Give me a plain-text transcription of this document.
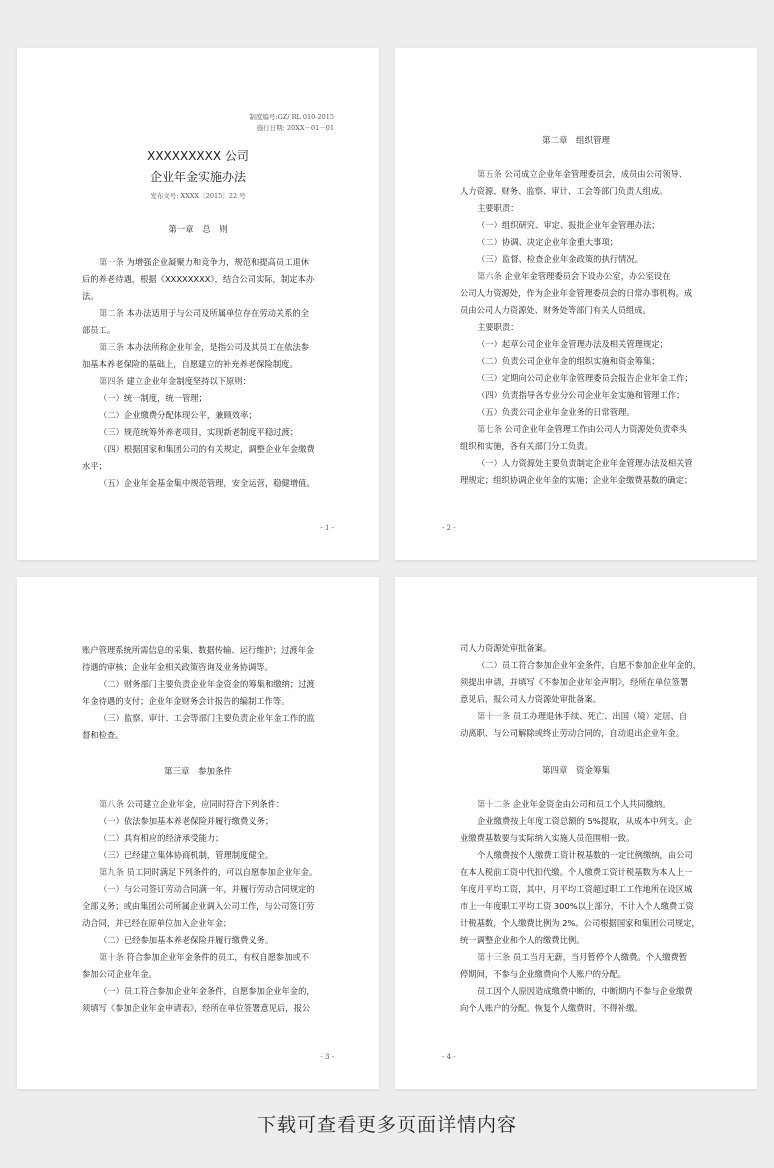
制度编号:GZ/ RL 010-2015
施行日期: 20XX－01－01
XXXXXXXXX 公司
企业年金实施办法
发布文号: XXXX〔2015〕22 号
第一章　总　则

第一条 为增强企业凝聚力和竞争力，规范和提高员工退休

后的养老待遇，根据《XXXXXXXX》，结合公司实际，制定本办

法。

第二条 本办法适用于与公司及所属单位存在劳动关系的全

部员工。

第三条 本办法所称企业年金，是指公司及其员工在依法参

加基本养老保险的基础上，自愿建立的补充养老保险制度。

第四条 建立企业年金制度坚持以下原则：

（一）统一制度，统一管理；

（二）企业缴费分配体现公平，兼顾效率；

（三）规范统筹外养老项目，实现新老制度平稳过渡；

（四）根据国家和集团公司的有关规定，调整企业年金缴费

水平；

（五）企业年金基金集中规范管理，安全运营，稳健增值。

- 1 -
第二章　组织管理

第五条 公司成立企业年金管理委员会，成员由公司领导、

人力资源、财务、监察、审计、工会等部门负责人组成。

主要职责：

（一）组织研究、审定、报批企业年金管理办法；

（二）协调、决定企业年金重大事项；

（三）监督、检查企业年金政策的执行情况。

第六条 企业年金管理委员会下设办公室，办公室设在

公司人力资源处，作为企业年金管理委员会的日常办事机构。成

员由公司人力资源处、财务处等部门有关人员组成。

主要职责：

（一）起草公司企业年金管理办法及相关管理规定；

（二）负责公司企业年金的组织实施和资金筹集；

（三）定期向公司企业年金管理委员会报告企业年金工作；

（四）负责指导各专业分公司企业年金实施和管理工作；

（五）负责公司企业年金业务的日常管理。

第七条 公司企业年金管理工作由公司人力资源处负责牵头

组织和实施，各有关部门分工负责。

（一）人力资源处主要负责制定企业年金管理办法及相关管

理规定；组织协调企业年金的实施；企业年金缴费基数的确定；

- 2 -

账户管理系统所需信息的采集、数据传输、运行维护；过渡年金

待遇的审核；企业年金相关政策咨询及业务协调等。

（二）财务部门主要负责企业年金资金的筹集和缴纳；过渡

年金待遇的支付；企业年金财务会计报告的编制工作等。

（三）监察、审计、工会等部门主要负责企业年金工作的监

督和检查。

第三章　参加条件

第八条 公司建立企业年金，应同时符合下列条件：

（一）依法参加基本养老保险并履行缴费义务；

（二）具有相应的经济承受能力；

（三）已经建立集体协商机制，管理制度健全。

第九条 员工同时满足下列条件的，可以自愿参加企业年金。

（一）与公司签订劳动合同满一年，并履行劳动合同规定的

全部义务；或由集团公司所属企业调入公司工作，与公司签订劳

动合同，并已经在原单位加入企业年金；

（二）已经参加基本养老保险并履行缴费义务。

第十条 符合参加企业年金条件的员工，有权自愿参加或不

参加公司企业年金。

（一）员工符合参加企业年金条件，自愿参加企业年金的，

须填写《参加企业年金申请表》，经所在单位签署意见后，报公

- 3 -

司人力资源处审批备案。

（二）员工符合参加企业年金条件，自愿不参加企业年金的，

须提出申请，并填写《不参加企业年金声明》，经所在单位签署

意见后，报公司人力资源处审批备案。

第十一条 员工办理退休手续、死亡、出国（境）定居、自

动离职、与公司解除或终止劳动合同的，自动退出企业年金。

第四章　资金筹集

第十二条 企业年金资金由公司和员工个人共同缴纳。

企业缴费按上年度工资总额的 5%提取，从成本中列支。企

业缴费基数要与实际纳入实施人员范围相一致。

个人缴费按个人缴费工资计税基数的一定比例缴纳，由公司

在本人税前工资中代扣代缴。个人缴费工资计税基数为本人上一

年度月平均工资，其中，月平均工资超过职工工作地所在设区城

市上一年度职工平均工资 300%以上部分，不计入个人缴费工资

计税基数，个人缴费比例为 2%。公司根据国家和集团公司规定，

统一调整企业和个人的缴费比例。

第十三条 员工当月无薪，当月暂停个人缴费。个人缴费暂

停期间，不参与企业缴费向个人账户的分配。

员工因个人原因造成缴费中断的，中断期内不参与企业缴费

向个人账户的分配。恢复个人缴费时，不得补缴。

- 4 -
下载可查看更多页面详情内容
